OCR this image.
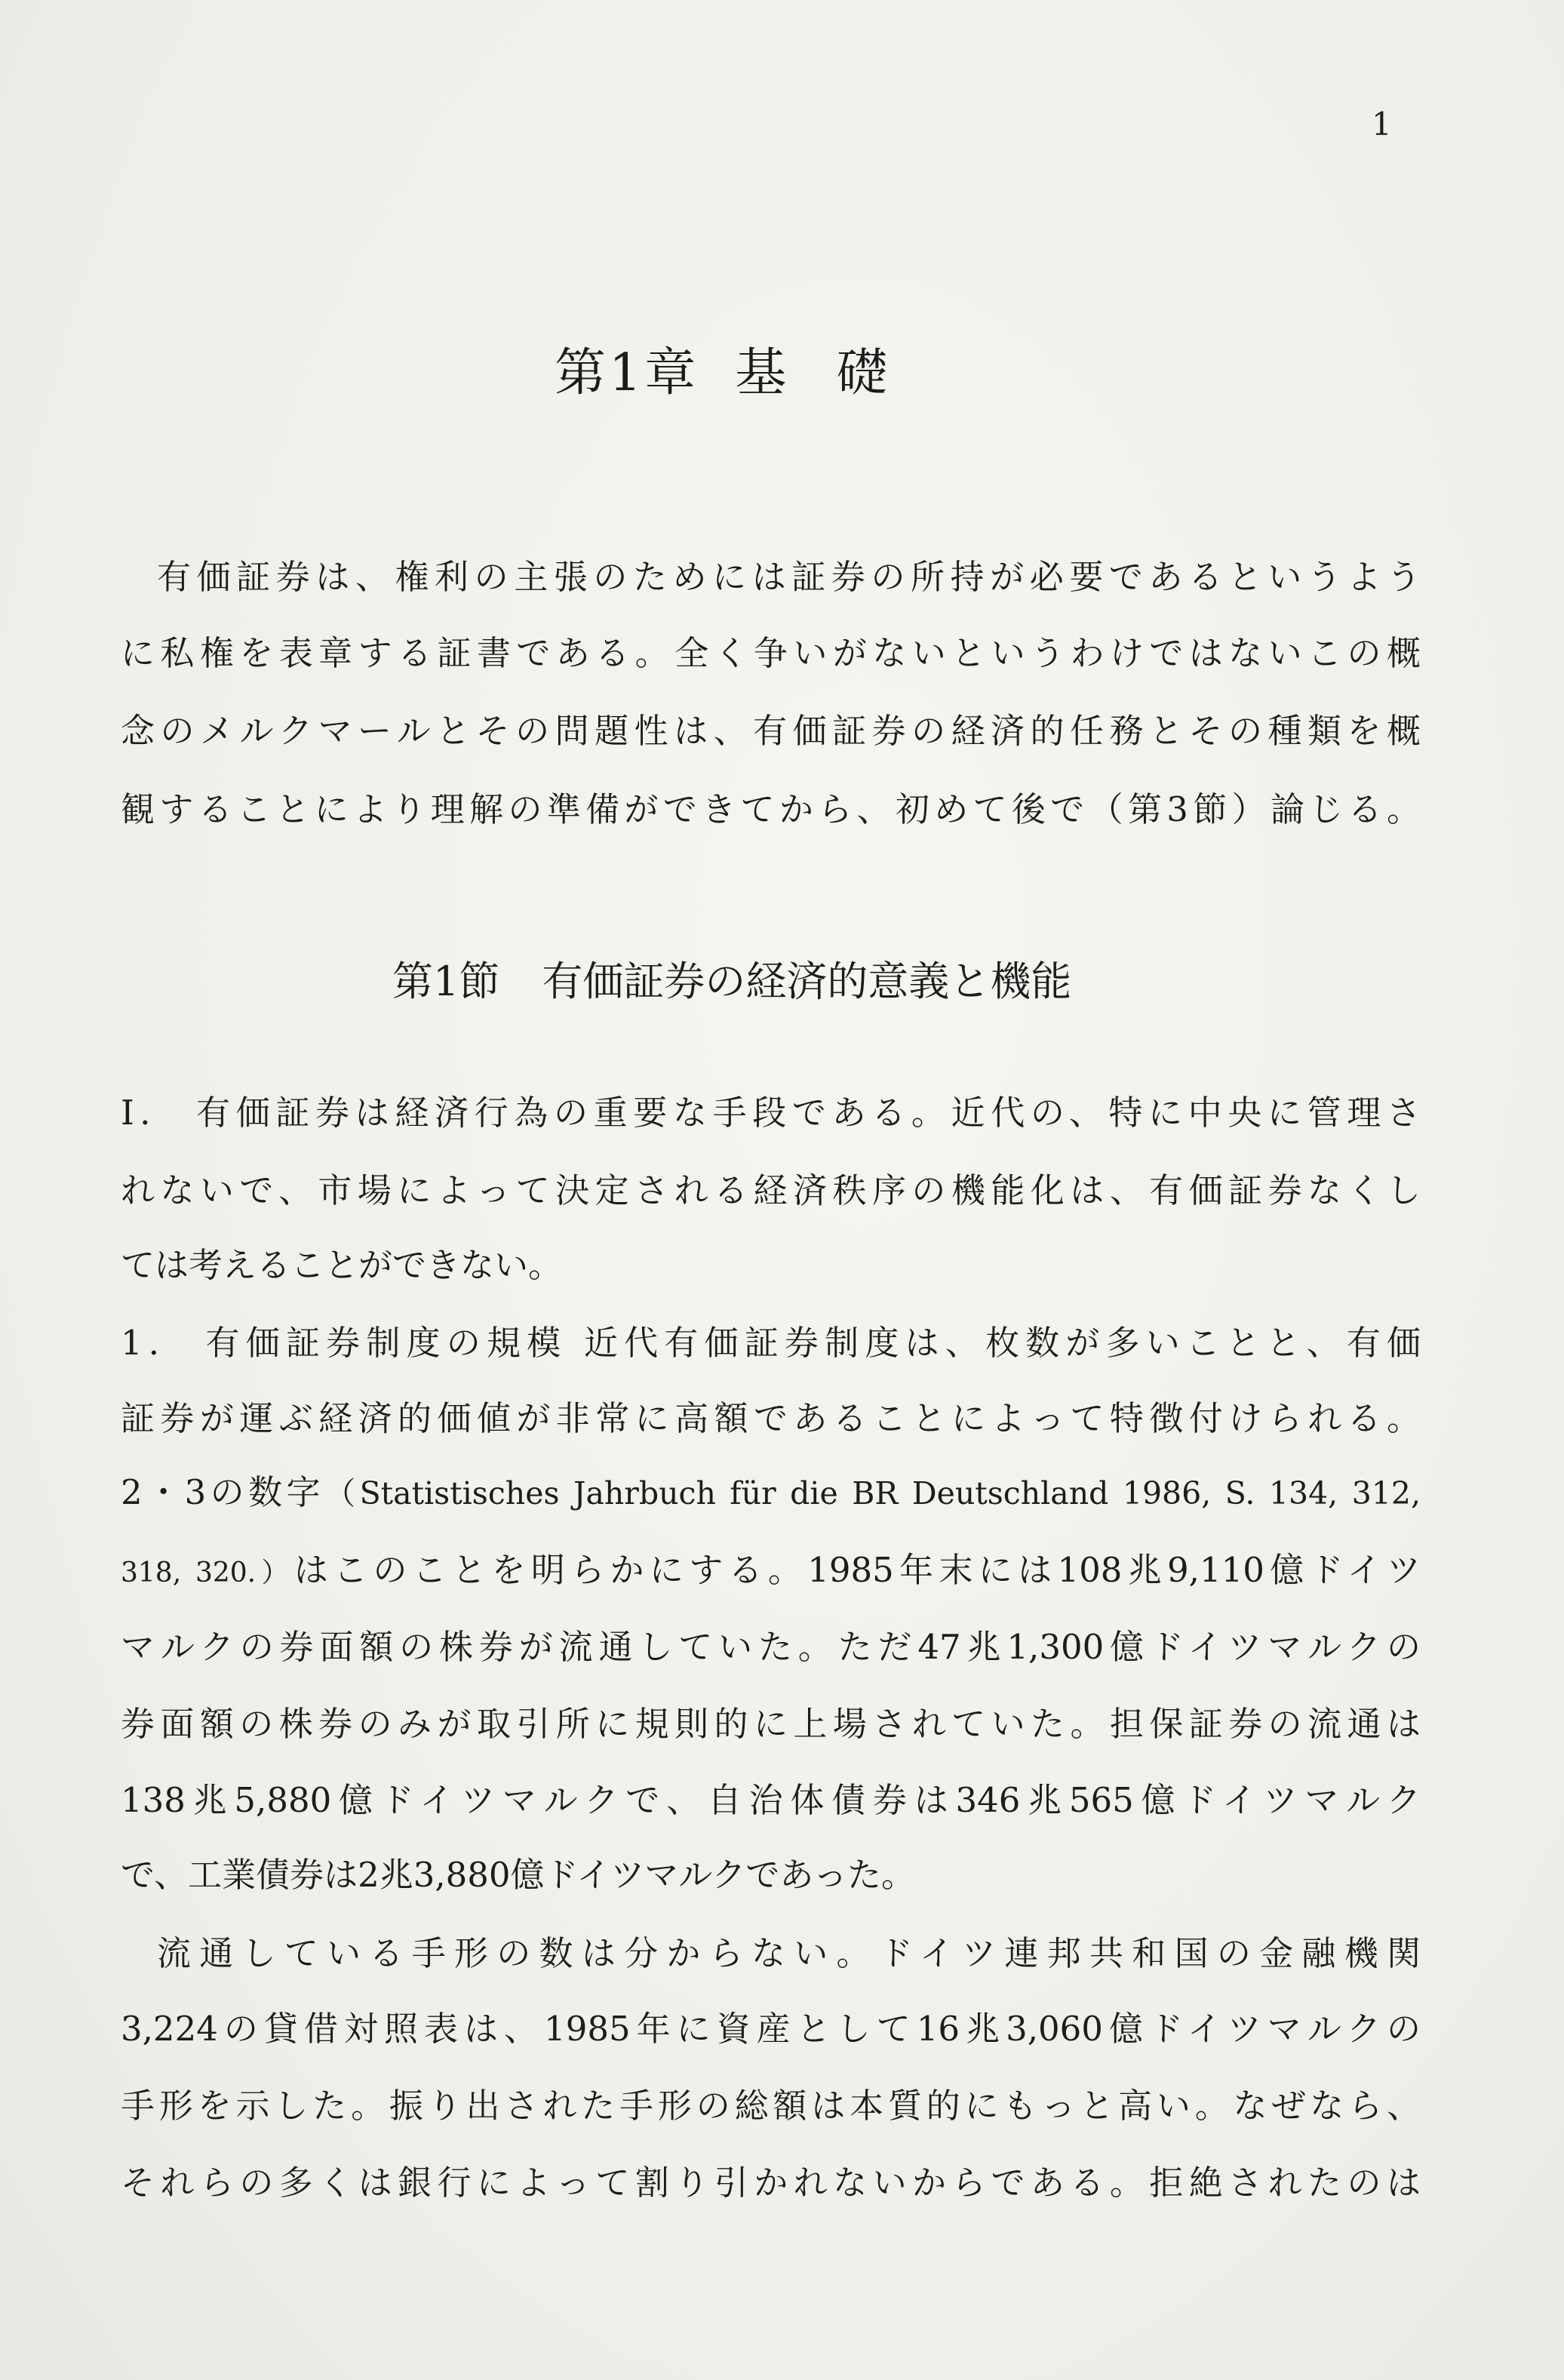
1
第1章 基 礎
有価証券は、権利の主張のためには証券の所持が必要であるというよう
に私権を表章する証書である。全く争いがないというわけではないこの概
念のメルクマールとその問題性は、有価証券の経済的任務とその種類を概
観することにより理解の準備ができてから、初めて後で（第3節）論じる。
第1節 有価証券の経済的意義と機能
Ⅰ． 有価証券は経済行為の重要な手段である。近代の、特に中央に管理さ
れないで、市場によって決定される経済秩序の機能化は、有価証券なくし
ては考えることができない。
1． 有価証券制度の規模 近代有価証券制度は、枚数が多いことと、有価
証券が運ぶ経済的価値が非常に高額であることによって特徴付けられる。
2・3の数字（Statistisches Jahrbuch für die BR Deutschland 1986, S. 134, 312,
318, 320.）はこのことを明らかにする。1985年末には108兆9,110億ドイツ
マルクの券面額の株券が流通していた。ただ47兆1,300億ドイツマルクの
券面額の株券のみが取引所に規則的に上場されていた。担保証券の流通は
138兆5,880億ドイツマルクで、自治体債券は346兆565億ドイツマルク
で、工業債券は2兆3,880億ドイツマルクであった。
流通している手形の数は分からない。ドイツ連邦共和国の金融機関
3,224の貸借対照表は、1985年に資産として16兆3,060億ドイツマルクの
手形を示した。振り出された手形の総額は本質的にもっと高い。なぜなら、
それらの多くは銀行によって割り引かれないからである。拒絶されたのは
